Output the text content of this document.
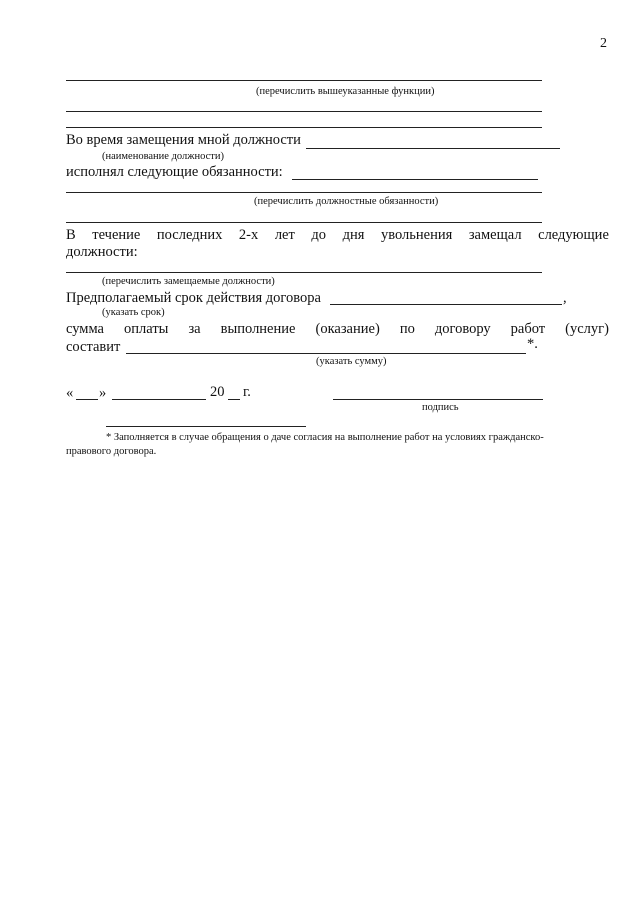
2
(перечислить вышеуказанные функции)
Во время замещения мной должности
(наименование должности)
исполнял следующие обязанности:
(перечислить должностные обязанности)
В течение последних 2-х лет до дня увольнения замещал следующие
должности:
(перечислить замещаемые должности)
Предполагаемый срок действия договора	,
(указать срок)
сумма оплаты за выполнение (оказание) по договору работ (услуг)
составит	*.
(указать сумму)
« »	20 г.
подпись
* Заполняется в случае обращения о даче согласия на выполнение работ на условиях гражданско-
правового договора.
